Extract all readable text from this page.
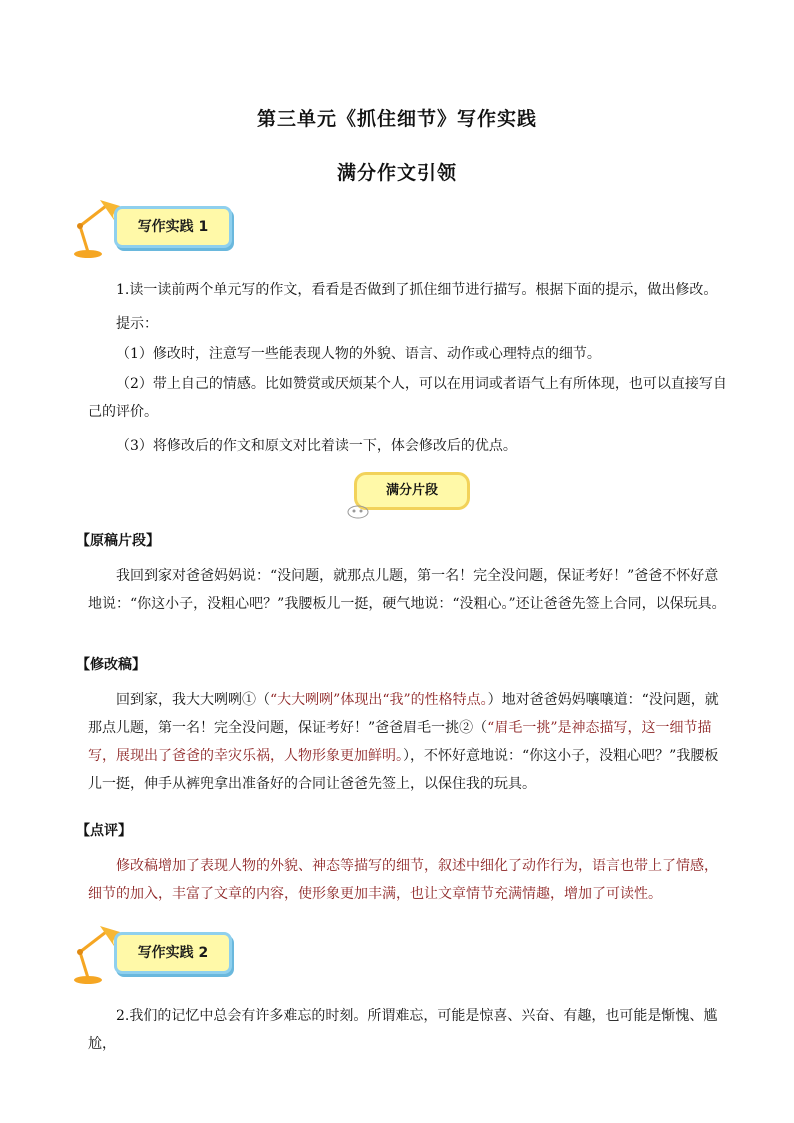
第三单元《抓住细节》写作实践
满分作文引领
写作实践 1

1.读一读前两个单元写的作文，看看是否做到了抓住细节进行描写。根据下面的提示，做出修改。

提示：

（1）修改时，注意写一些能表现人物的外貌、语言、动作或心理特点的细节。

（2）带上自己的情感。比如赞赏或厌烦某个人，可以在用词或者语气上有所体现，也可以直接写自己的评价。

（3）将修改后的作文和原文对比着读一下，体会修改后的优点。

满分片段
【原稿片段】

我回到家对爸爸妈妈说：“没问题，就那点儿题，第一名！完全没问题，保证考好！”爸爸不怀好意地说：“你这小子，没粗心吧？”我腰板儿一挺，硬气地说：“没粗心。”还让爸爸先签上合同，以保玩具。

【修改稿】

回到家，我大大咧咧①（“大大咧咧”体现出“我”的性格特点。）地对爸爸妈妈嚷嚷道：“没问题，就那点儿题，第一名！完全没问题，保证考好！”爸爸眉毛一挑②（“眉毛一挑”是神态描写，这一细节描写，展现出了爸爸的幸灾乐祸，人物形象更加鲜明。），不怀好意地说：“你这小子，没粗心吧？”我腰板儿一挺，伸手从裤兜拿出准备好的合同让爸爸先签上，以保住我的玩具。

【点评】

修改稿增加了表现人物的外貌、神态等描写的细节，叙述中细化了动作行为，语言也带上了情感，细节的加入，丰富了文章的内容，使形象更加丰满，也让文章情节充满情趣，增加了可读性。

写作实践 2

2.我们的记忆中总会有许多难忘的时刻。所谓难忘，可能是惊喜、兴奋、有趣，也可能是惭愧、尴尬，
